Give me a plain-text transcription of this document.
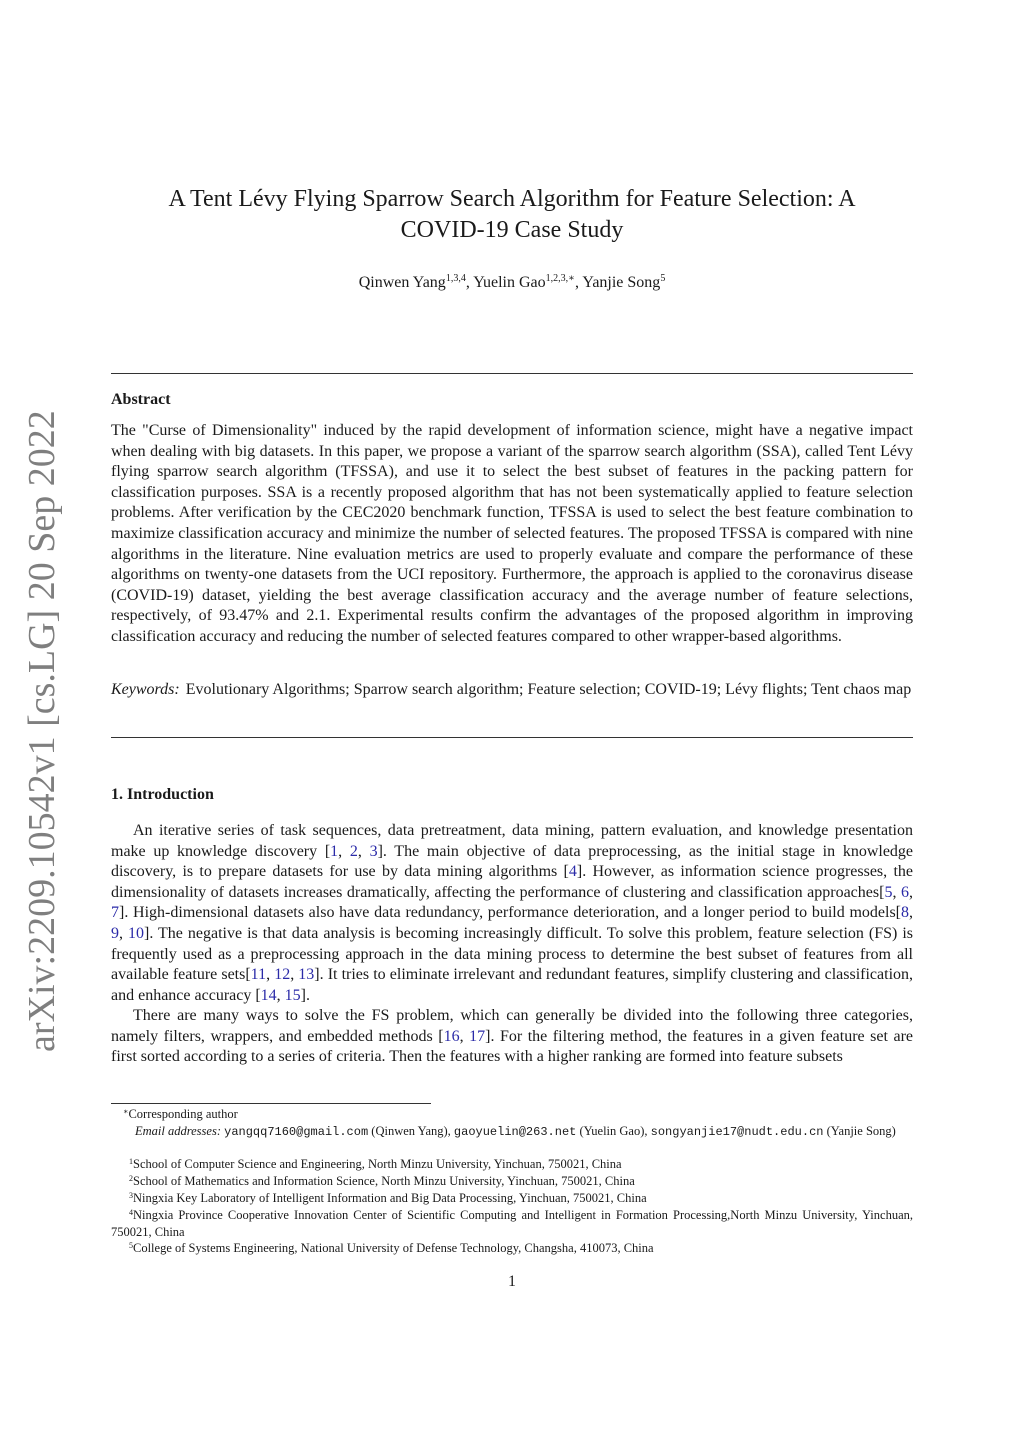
arXiv:2209.10542v1 [cs.LG] 20 Sep 2022
A Tent Lévy Flying Sparrow Search Algorithm for Feature Selection: A
COVID-19 Case Study
Qinwen Yang$^{1,3,4}$, Yuelin Gao$^{1,2,3,∗}$, Yanjie Song$^5$
Abstract

The "Curse of Dimensionality" induced by the rapid development of information science, might have a negative impact when dealing with big datasets. In this paper, we propose a variant of the sparrow search algorithm (SSA), called Tent Lévy flying sparrow search algorithm (TFSSA), and use it to select the best subset of features in the packing pattern for classification purposes. SSA is a recently proposed algorithm that has not been systematically applied to feature selection problems. After verification by the CEC2020 benchmark function, TFSSA is used to select the best feature combination to maximize classification accuracy and minimize the number of selected features. The proposed TFSSA is compared with nine algorithms in the literature. Nine evaluation metrics are used to properly evaluate and compare the performance of these algorithms on twenty-one datasets from the UCI repository. Furthermore, the approach is applied to the coronavirus disease (COVID-19) dataset, yielding the best average classification accuracy and the average number of feature selections, respectively, of 93.47% and 2.1. Experimental results confirm the advantages of the proposed algorithm in improving classification accuracy and reducing the number of selected features compared to other wrapper-based algorithms.

Keywords: Evolutionary Algorithms; Sparrow search algorithm; Feature selection; COVID-19; Lévy flights; Tent chaos map
1. Introduction

An iterative series of task sequences, data pretreatment, data mining, pattern evaluation, and knowledge presentation make up knowledge discovery [1, 2, 3]. The main objective of data preprocessing, as the initial stage in knowledge discovery, is to prepare datasets for use by data mining algorithms [4]. However, as information science progresses, the dimensionality of datasets increases dramatically, affecting the performance of clustering and classification approaches[5, 6, 7]. High-dimensional datasets also have data redundancy, performance deterioration, and a longer period to build models[8, 9, 10]. The negative is that data analysis is becoming increasingly difficult. To solve this problem, feature selection (FS) is frequently used as a preprocessing approach in the data mining process to determine the best subset of features from all available feature sets[11, 12, 13]. It tries to eliminate irrelevant and redundant features, simplify clustering and classification, and enhance accuracy [14, 15].

There are many ways to solve the FS problem, which can generally be divided into the following three categories, namely filters, wrappers, and embedded methods [16, 17]. For the filtering method, the features in a given feature set are first sorted according to a series of criteria. Then the features with a higher ranking are formed into feature subsets

∗Corresponding author
Email addresses: yangqq7160@gmail.com (Qinwen Yang), gaoyuelin@263.net (Yuelin Gao), songyanjie17@nudt.edu.cn (Yanjie Song)
$^1$School of Computer Science and Engineering, North Minzu University, Yinchuan, 750021, China
$^2$School of Mathematics and Information Science, North Minzu University, Yinchuan, 750021, China
$^3$Ningxia Key Laboratory of Intelligent Information and Big Data Processing, Yinchuan, 750021, China
$^4$Ningxia Province Cooperative Innovation Center of Scientific Computing and Intelligent in Formation Processing,North Minzu University, Yinchuan, 750021, China
$^5$College of Systems Engineering, National University of Defense Technology, Changsha, 410073, China
1
